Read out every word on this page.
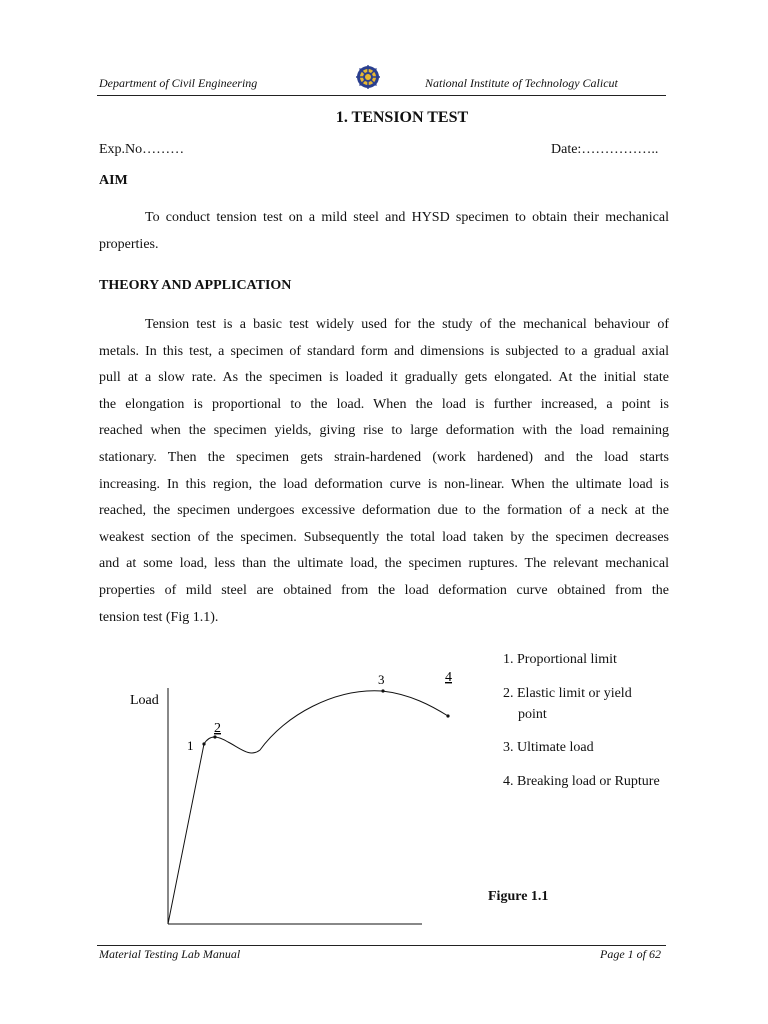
Department of Civil Engineering	National Institute of Technology Calicut
1. TENSION TEST
Exp.No………	Date:……………..
AIM
To conduct tension test on a mild steel and HYSD specimen to obtain their mechanical
properties.
THEORY AND APPLICATION
Tension test is a basic test widely used for the study of the mechanical behaviour of
metals. In this test, a specimen of standard form and dimensions is subjected to a gradual axial
pull at a slow rate. As the specimen is loaded it gradually gets elongated. At the initial state
the elongation is proportional to the load. When the load is further increased, a point is
reached when the specimen yields, giving rise to large deformation with the load remaining
stationary. Then the specimen gets strain-hardened (work hardened) and the load starts
increasing. In this region, the load deformation curve is non-linear. When the ultimate load is
reached, the specimen undergoes excessive deformation due to the formation of a neck at the
weakest section of the specimen. Subsequently the total load taken by the specimen decreases
and at some load, less than the ultimate load, the specimen ruptures. The relevant mechanical
properties of mild steel are obtained from the load deformation curve obtained from the
tension test (Fig 1.1).
Load
1
2
3	4
1. Proportional limit
2. Elastic limit or yield
point
3. Ultimate load
4. Breaking load or Rupture
Figure 1.1
Material Testing Lab Manual	Page 1 of 62
